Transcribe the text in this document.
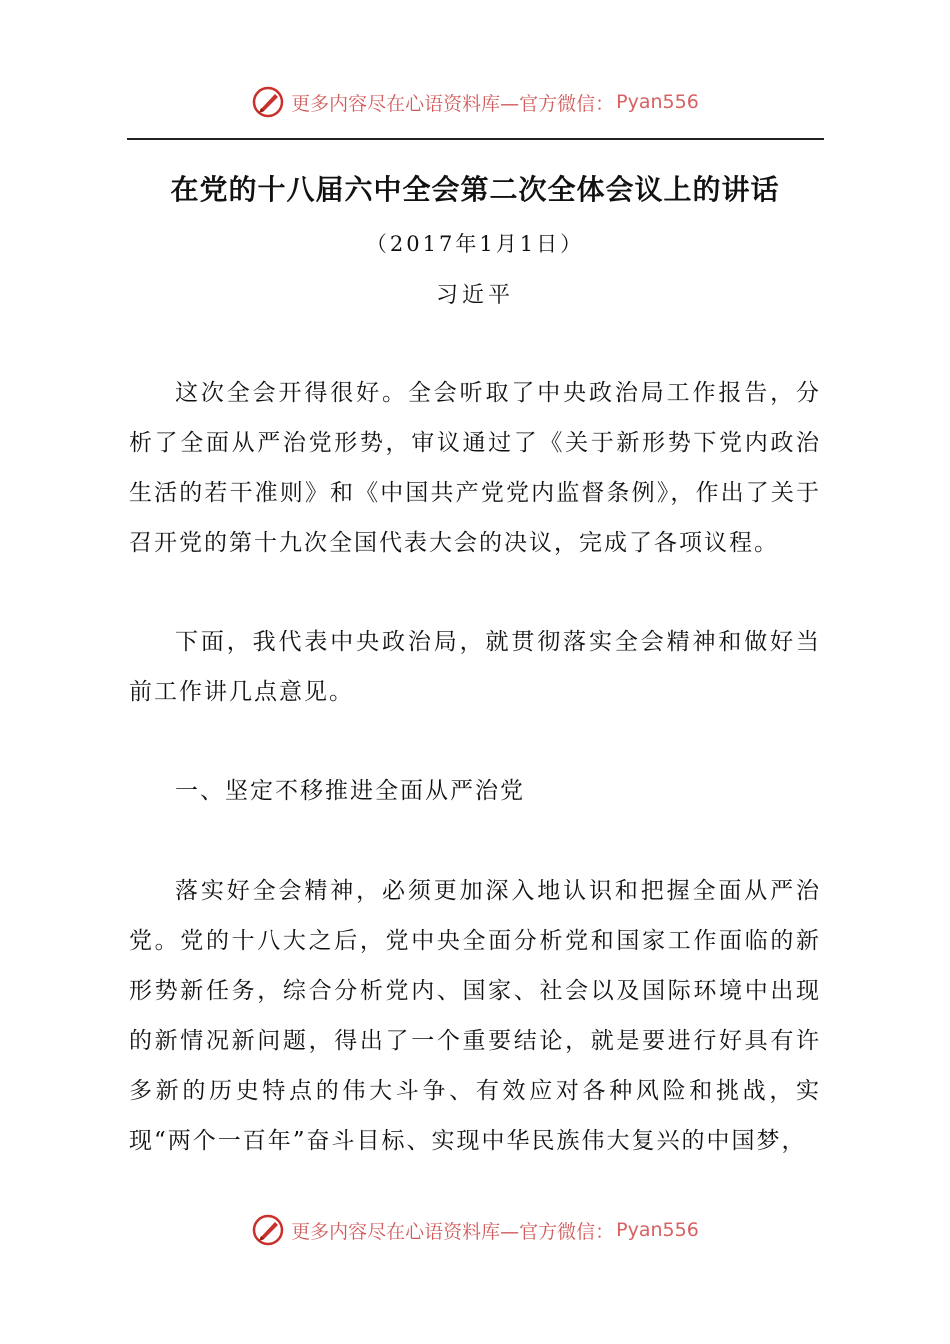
更多内容尽在心语资料库—官方微信： Pyan556
在党的十八届六中全会第二次全体会议上的讲话
（2017年1月1日）
习近平

这次全会开得很好。全会听取了中央政治局工作报告，分析了全面从严治党形势，审议通过了《关于新形势下党内政治生活的若干准则》和《中国共产党党内监督条例》，作出了关于召开党的第十九次全国代表大会的决议，完成了各项议程。

下面，我代表中央政治局，就贯彻落实全会精神和做好当前工作讲几点意见。

一、坚定不移推进全面从严治党

落实好全会精神，必须更加深入地认识和把握全面从严治党。党的十八大之后，党中央全面分析党和国家工作面临的新形势新任务，综合分析党内、国家、社会以及国际环境中出现的新情况新问题，得出了一个重要结论，就是要进行好具有许多新的历史特点的伟大斗争、有效应对各种风险和挑战，实现“两个一百年”奋斗目标、实现中华民族伟大复兴的中国梦，

更多内容尽在心语资料库—官方微信： Pyan556
